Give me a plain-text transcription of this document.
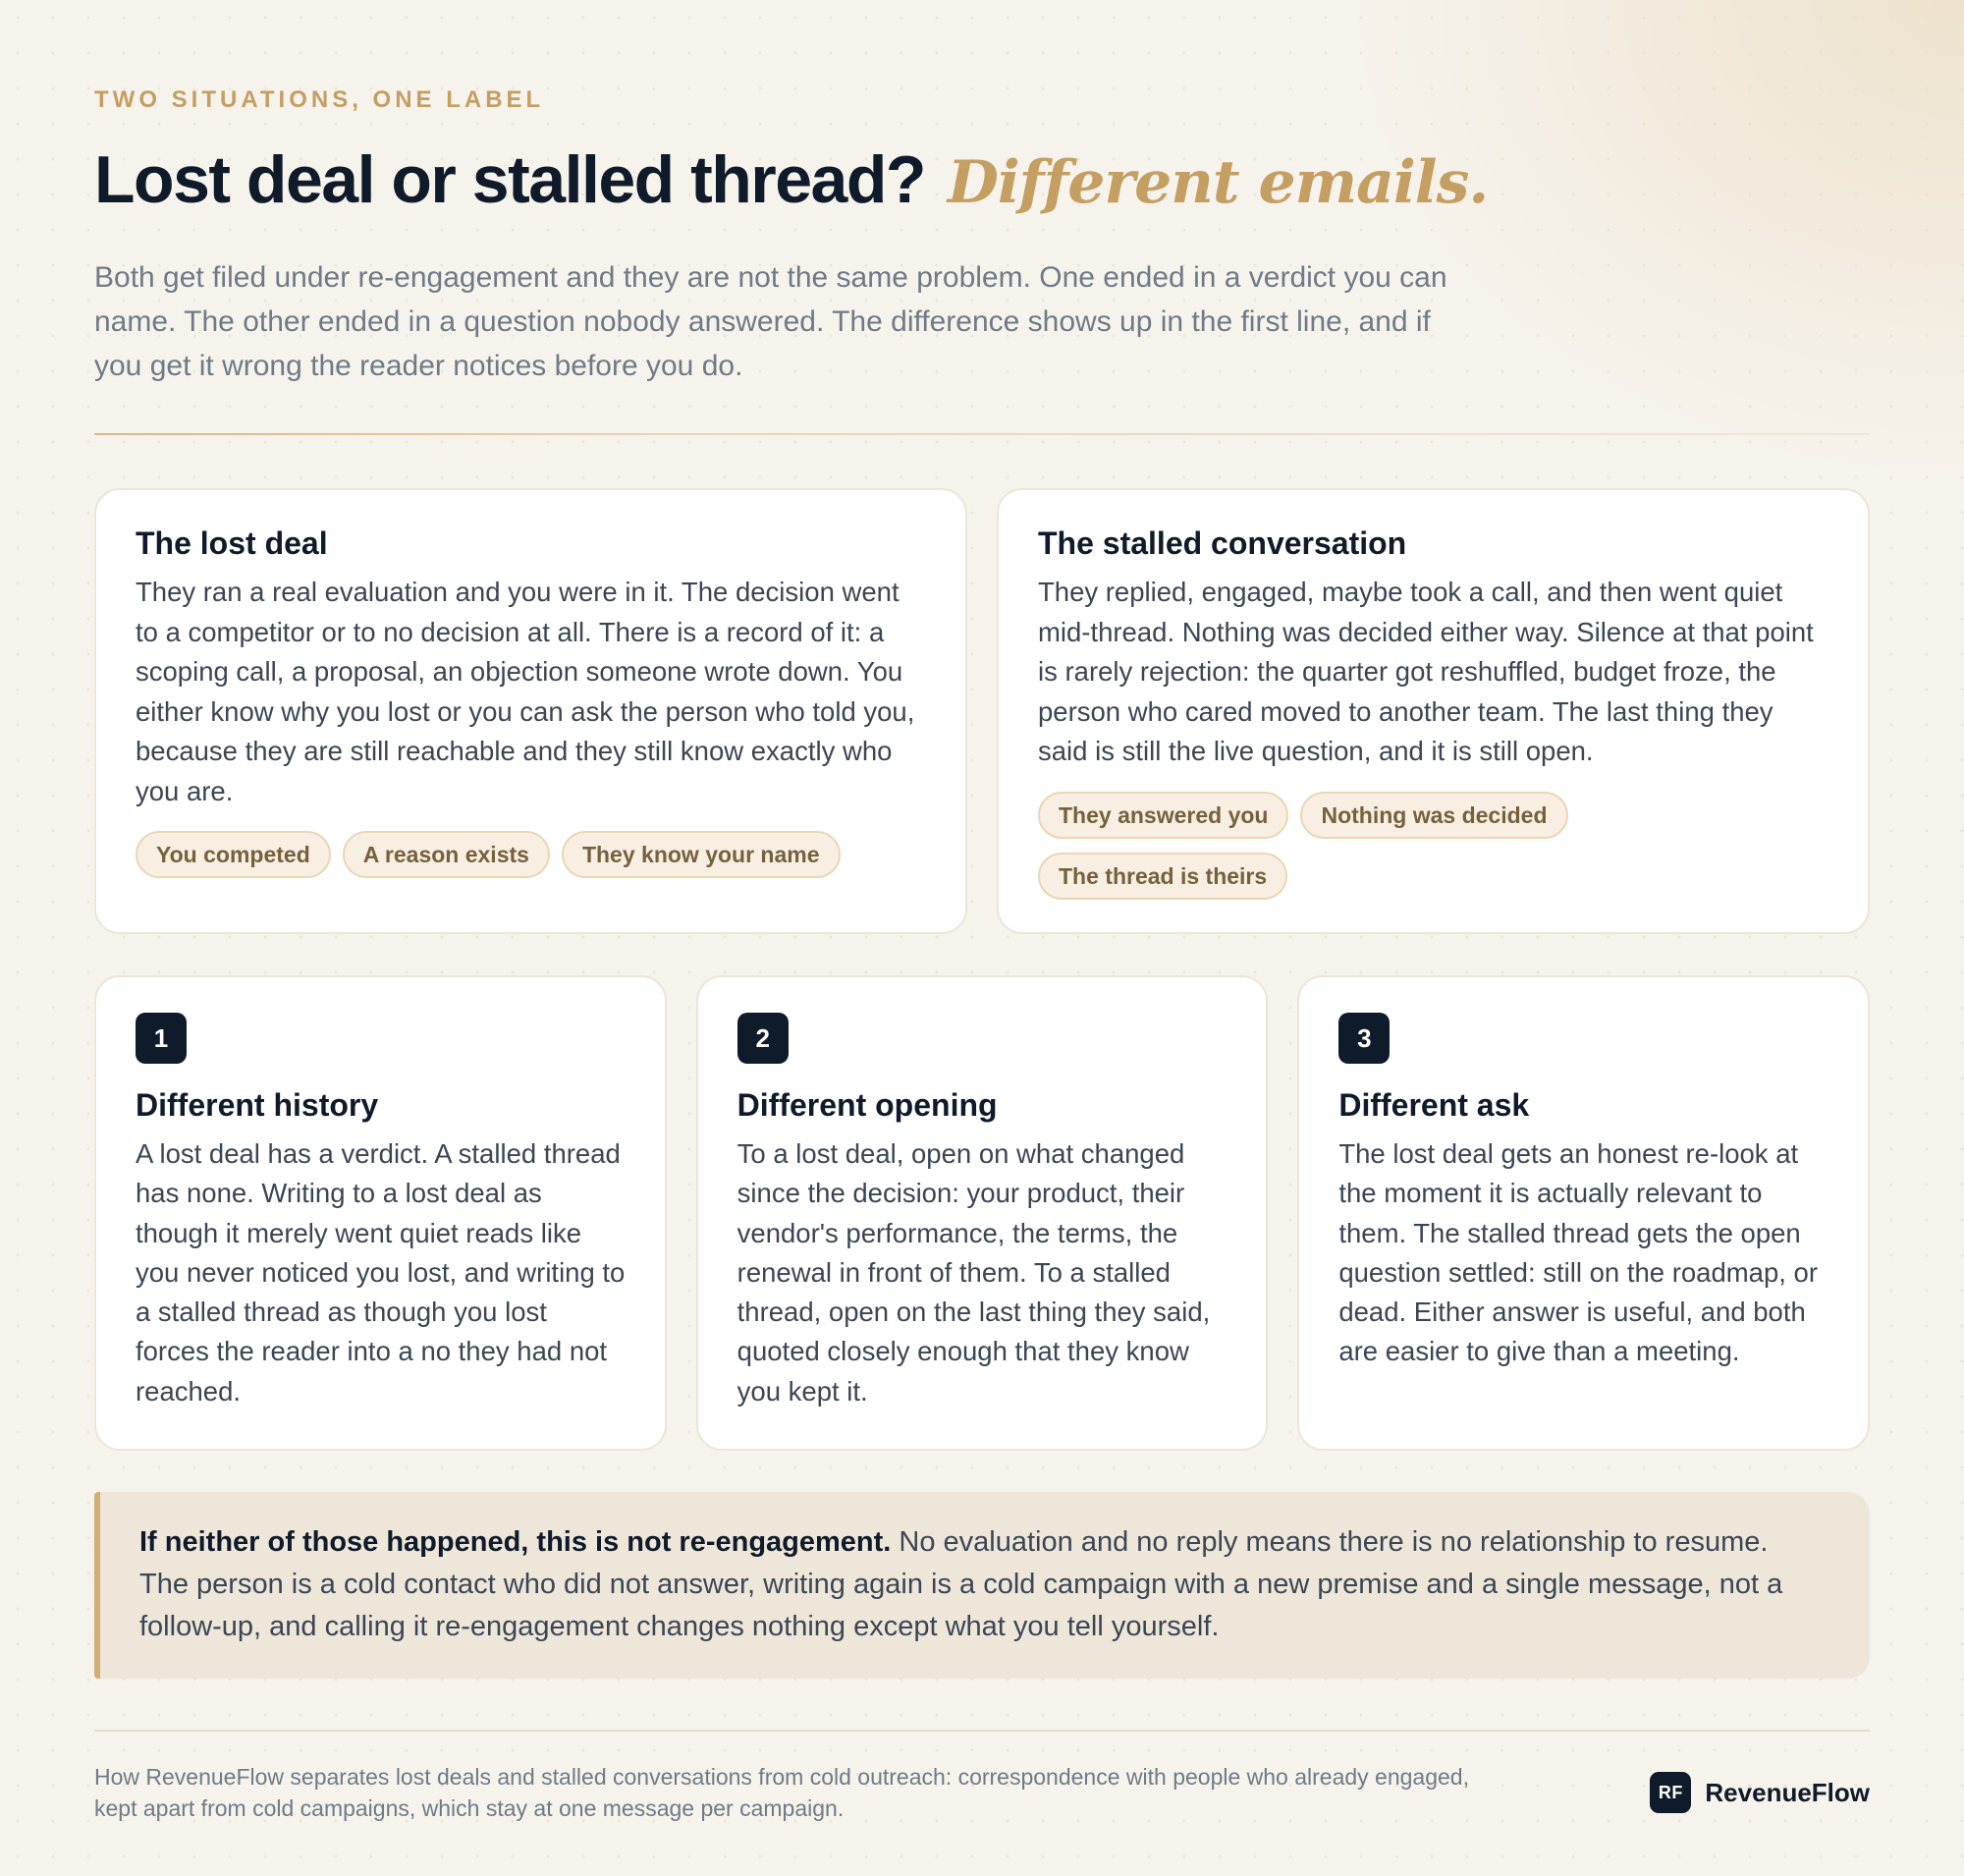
TWO SITUATIONS, ONE LABEL
Lost deal or stalled thread? Different emails.

Both get filed under re-engagement and they are not the same problem. One ended in a verdict you can name. The other ended in a question nobody answered. The difference shows up in the first line, and if you get it wrong the reader notices before you do.

The lost deal
They ran a real evaluation and you were in it. The decision went to a competitor or to no decision at all. There is a record of it: a scoping call, a proposal, an objection someone wrote down. You either know why you lost or you can ask the person who told you, because they are still reachable and they still know exactly who you are.
You competed	A reason exists	They know your name
The stalled conversation
They replied, engaged, maybe took a call, and then went quiet mid-thread. Nothing was decided either way. Silence at that point is rarely rejection: the quarter got reshuffled, budget froze, the person who cared moved to another team. The last thing they said is still the live question, and it is still open.
They answered you	Nothing was decided
The thread is theirs
1
Different history
A lost deal has a verdict. A stalled thread has none. Writing to a lost deal as though it merely went quiet reads like you never noticed you lost, and writing to a stalled thread as though you lost forces the reader into a no they had not reached.
2
Different opening
To a lost deal, open on what changed since the decision: your product, their vendor's performance, the terms, the renewal in front of them. To a stalled thread, open on the last thing they said, quoted closely enough that they know you kept it.
3
Different ask
The lost deal gets an honest re-look at the moment it is actually relevant to them. The stalled thread gets the open question settled: still on the roadmap, or dead. Either answer is useful, and both are easier to give than a meeting.
If neither of those happened, this is not re-engagement. No evaluation and no reply means there is no relationship to resume. The person is a cold contact who did not answer, writing again is a cold campaign with a new premise and a single message, not a follow-up, and calling it re-engagement changes nothing except what you tell yourself.
How RevenueFlow separates lost deals and stalled conversations from cold outreach: correspondence with people who already engaged, kept apart from cold campaigns, which stay at one message per campaign.
RF RevenueFlow
